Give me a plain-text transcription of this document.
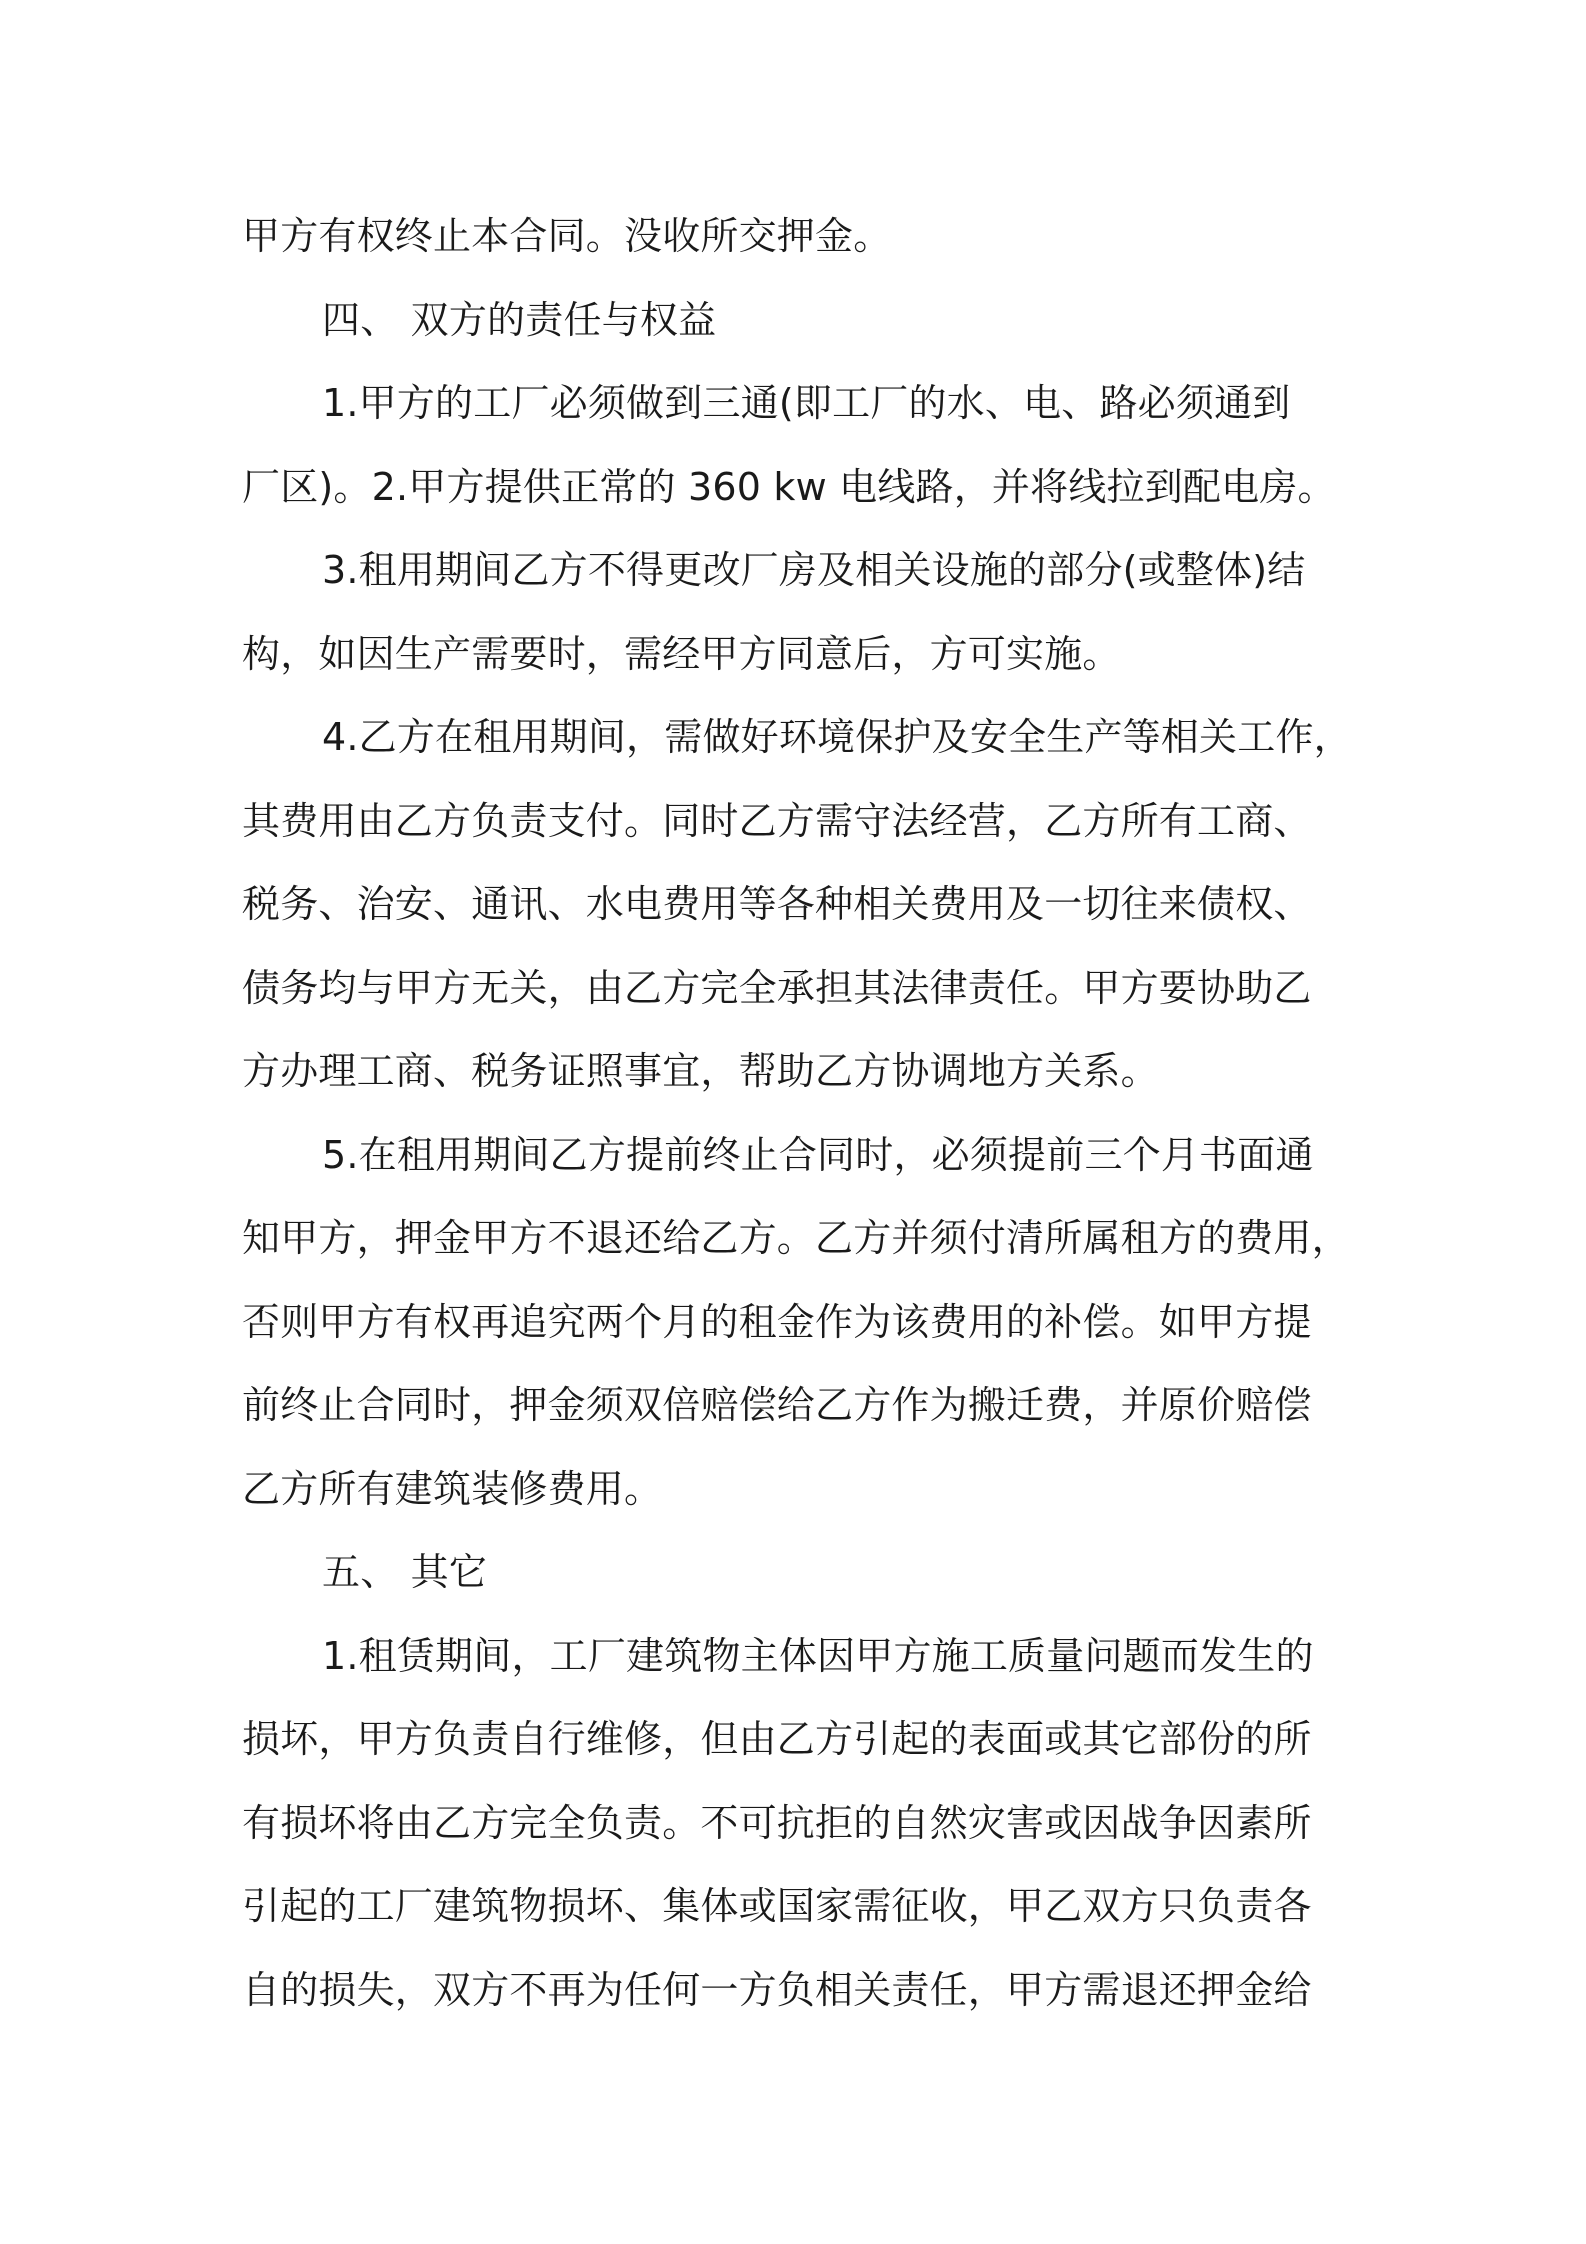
甲方有权终止本合同。没收所交押金。
四、 双方的责任与权益
1.甲方的工厂必须做到三通(即工厂的水、电、路必须通到
厂区)。2.甲方提供正常的 360 kw 电线路，并将线拉到配电房。
3.租用期间乙方不得更改厂房及相关设施的部分(或整体)结
构，如因生产需要时，需经甲方同意后，方可实施。
4.乙方在租用期间，需做好环境保护及安全生产等相关工作，
其费用由乙方负责支付。同时乙方需守法经营，乙方所有工商、
税务、治安、通讯、水电费用等各种相关费用及一切往来债权、
债务均与甲方无关，由乙方完全承担其法律责任。甲方要协助乙
方办理工商、税务证照事宜，帮助乙方协调地方关系。
5.在租用期间乙方提前终止合同时，必须提前三个月书面通
知甲方，押金甲方不退还给乙方。乙方并须付清所属租方的费用，
否则甲方有权再追究两个月的租金作为该费用的补偿。如甲方提
前终止合同时，押金须双倍赔偿给乙方作为搬迁费，并原价赔偿
乙方所有建筑装修费用。
五、 其它
1.租赁期间，工厂建筑物主体因甲方施工质量问题而发生的
损坏，甲方负责自行维修，但由乙方引起的表面或其它部份的所
有损坏将由乙方完全负责。不可抗拒的自然灾害或因战争因素所
引起的工厂建筑物损坏、集体或国家需征收，甲乙双方只负责各
自的损失，双方不再为任何一方负相关责任，甲方需退还押金给
